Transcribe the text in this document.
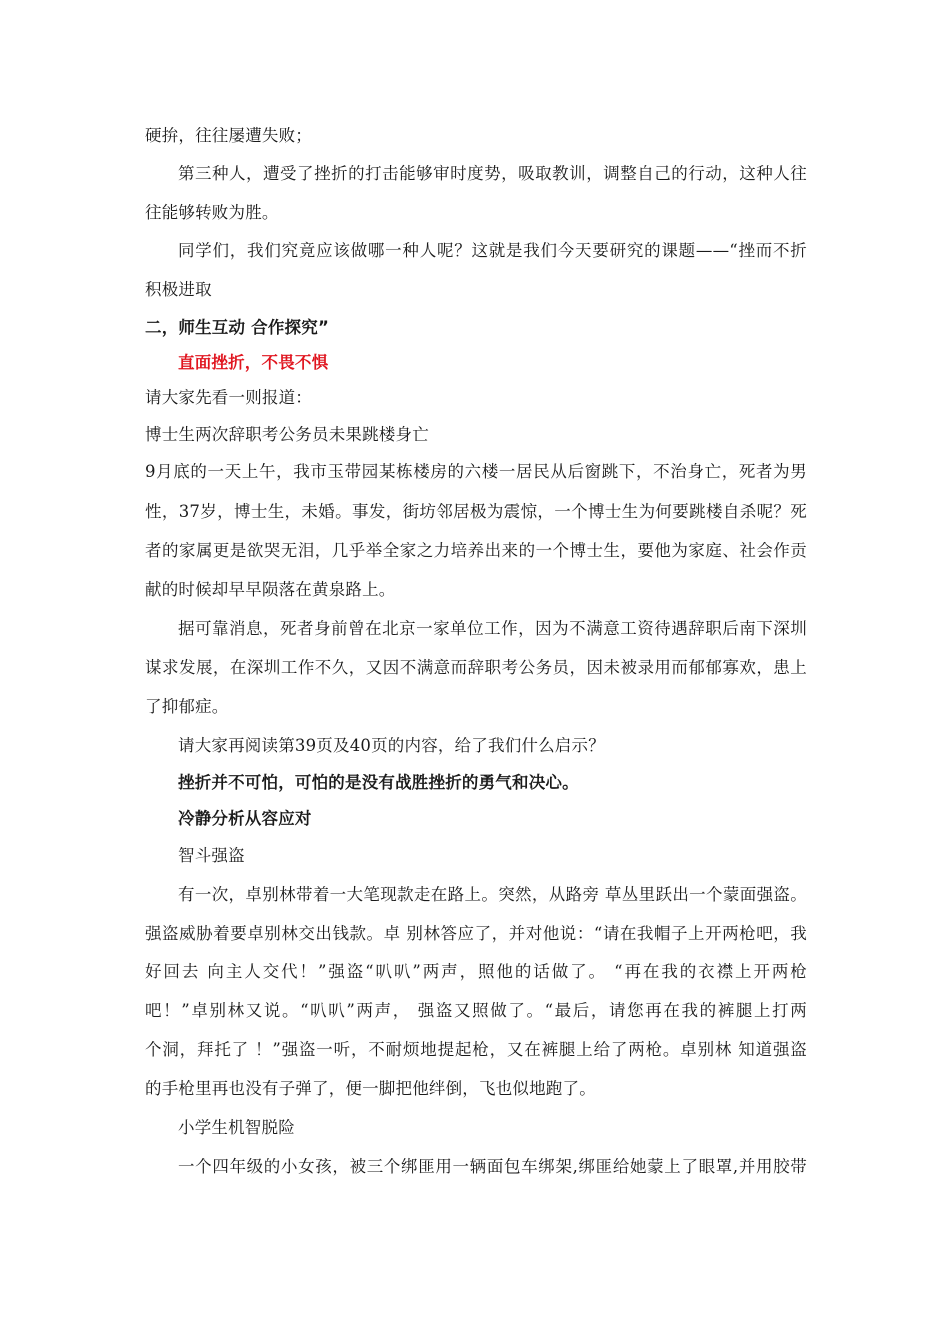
硬拚，往往屡遭失败；
第三种人，遭受了挫折的打击能够审时度势，吸取教训，调整自己的行动，这种人往
往能够转败为胜。
同学们，我们究竟应该做哪一种人呢？这就是我们今天要研究的课题——“挫而不折
积极进取
二，师生互动 合作探究”
直面挫折，不畏不惧
请大家先看一则报道：
博士生两次辞职考公务员未果跳楼身亡
9月底的一天上午，我市玉带园某栋楼房的六楼一居民从后窗跳下，不治身亡，死者为男
性，37岁，博士生，未婚。事发，街坊邻居极为震惊，一个博士生为何要跳楼自杀呢？死
者的家属更是欲哭无泪，几乎举全家之力培养出来的一个博士生，要他为家庭、社会作贡
献的时候却早早陨落在黄泉路上。
据可靠消息，死者身前曾在北京一家单位工作，因为不满意工资待遇辞职后南下深圳
谋求发展，在深圳工作不久，又因不满意而辞职考公务员，因未被录用而郁郁寡欢，患上
了抑郁症。
请大家再阅读第39页及40页的内容，给了我们什么启示？
挫折并不可怕，可怕的是没有战胜挫折的勇气和决心。
冷静分析从容应对
智斗强盗
有一次，卓别林带着一大笔现款走在路上。突然，从路旁 草丛里跃出一个蒙面强盗。
强盗威胁着要卓别林交出钱款。卓 别林答应了，并对他说：“请在我帽子上开两枪吧，我
好回去 向主人交代！”强盗“叭叭”两声，照他的话做了。 “再在我的衣襟上开两枪
吧！”卓别林又说。“叭叭”两声， 强盗又照做了。“最后，请您再在我的裤腿上打两
个洞，拜托了 ！”强盗一听，不耐烦地提起枪，又在裤腿上给了两枪。卓别林 知道强盗
的手枪里再也没有子弹了，便一脚把他绊倒，飞也似地跑了。
小学生机智脱险
一个四年级的小女孩，被三个绑匪用一辆面包车绑架,绑匪给她蒙上了眼罩,并用胶带
